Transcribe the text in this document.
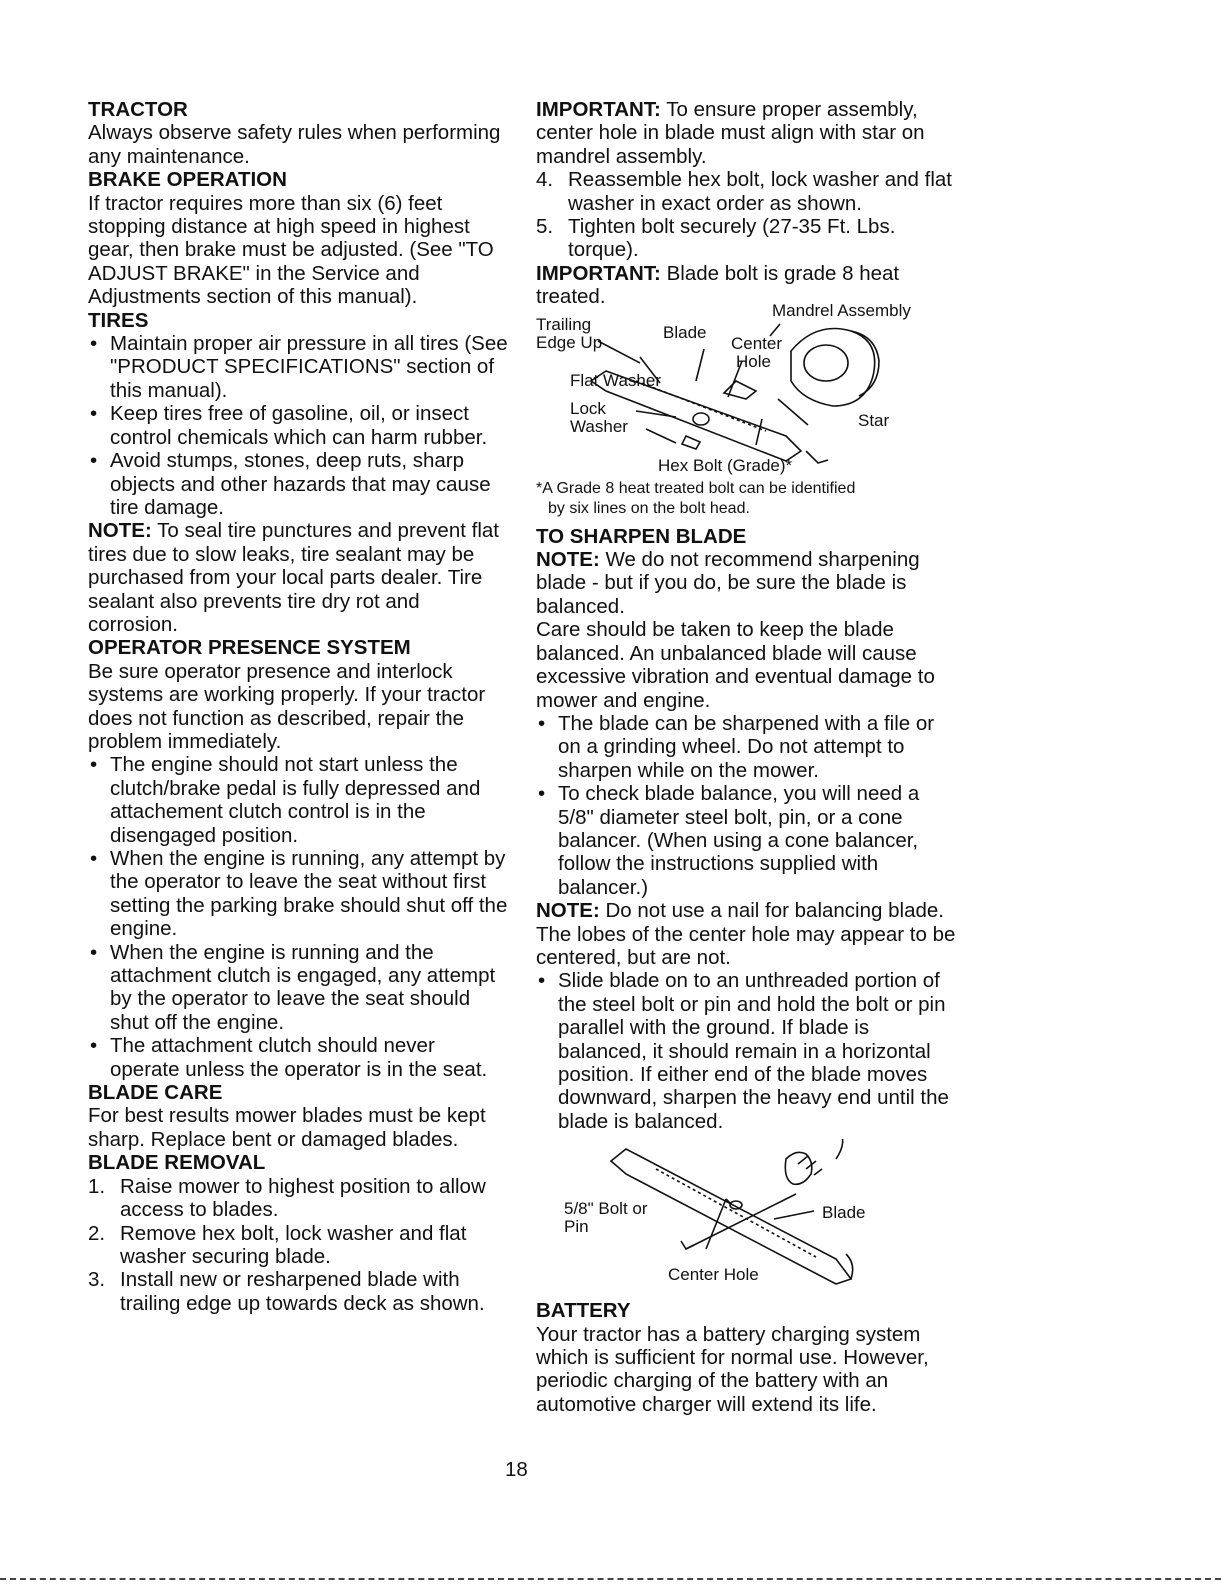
TRACTOR

Always observe safety rules when performing any maintenance.

BRAKE OPERATION

If tractor requires more than six (6) feet stopping distance at high speed in highest gear, then brake must be adjusted. (See "TO ADJUST BRAKE" in the Service and Adjustments section of this manual).

TIRES
• Maintain proper air pressure in all tires (See "PRODUCT SPECIFICATIONS" section of this manual).
• Keep tires free of gasoline, oil, or insect control chemicals which can harm rubber.
• Avoid stumps, stones, deep ruts, sharp objects and other hazards that may cause tire damage.

NOTE: To seal tire punctures and prevent flat tires due to slow leaks, tire sealant may be purchased from your local parts dealer. Tire sealant also prevents tire dry rot and corrosion.

OPERATOR PRESENCE SYSTEM

Be sure operator presence and interlock systems are working properly. If your tractor does not function as described, repair the problem immediately.

• The engine should not start unless the clutch/brake pedal is fully depressed and attachement clutch control is in the disengaged position.
• When the engine is running, any attempt by the operator to leave the seat without first setting the parking brake should shut off the engine.
• When the engine is running and the attachment clutch is engaged, any attempt by the operator to leave the seat should shut off the engine.
• The attachment clutch should never operate unless the operator is in the seat.
BLADE CARE

For best results mower blades must be kept sharp. Replace bent or damaged blades.

BLADE REMOVAL
1. Raise mower to highest position to allow access to blades.
2. Remove hex bolt, lock washer and flat washer securing blade.
3. Install new or resharpened blade with trailing edge up towards deck as shown.

IMPORTANT: To ensure proper assembly, center hole in blade must align with star on mandrel assembly.

4. Reassemble hex bolt, lock washer and flat washer in exact order as shown.
5. Tighten bolt securely (27-35 Ft. Lbs. torque).

IMPORTANT: Blade bolt is grade 8 heat treated.

Mandrel Assembly
Trailing
Edge Up
Blade
Center
Hole
Flat Washer
Lock
Washer	Star
Hex Bolt (Grade)*

*A Grade 8 heat treated bolt can be identified

by six lines on the bolt head.

TO SHARPEN BLADE

NOTE: We do not recommend sharpening blade - but if you do, be sure the blade is balanced.

Care should be taken to keep the blade balanced. An unbalanced blade will cause excessive vibration and eventual damage to mower and engine.

• The blade can be sharpened with a file or on a grinding wheel. Do not attempt to sharpen while on the mower.
• To check blade balance, you will need a 5/8" diameter steel bolt, pin, or a cone balancer. (When using a cone balancer, follow the instructions supplied with balancer.)

NOTE: Do not use a nail for balancing blade. The lobes of the center hole may appear to be centered, but are not.

• Slide blade on to an unthreaded portion of the steel bolt or pin and hold the bolt or pin parallel with the ground. If blade is balanced, it should remain in a horizontal position. If either end of the blade moves downward, sharpen the heavy end until the blade is balanced.
5/8" Bolt or
Pin
Blade
Center Hole
BATTERY

Your tractor has a battery charging system which is sufficient for normal use. However, periodic charging of the battery with an automotive charger will extend its life.

18
